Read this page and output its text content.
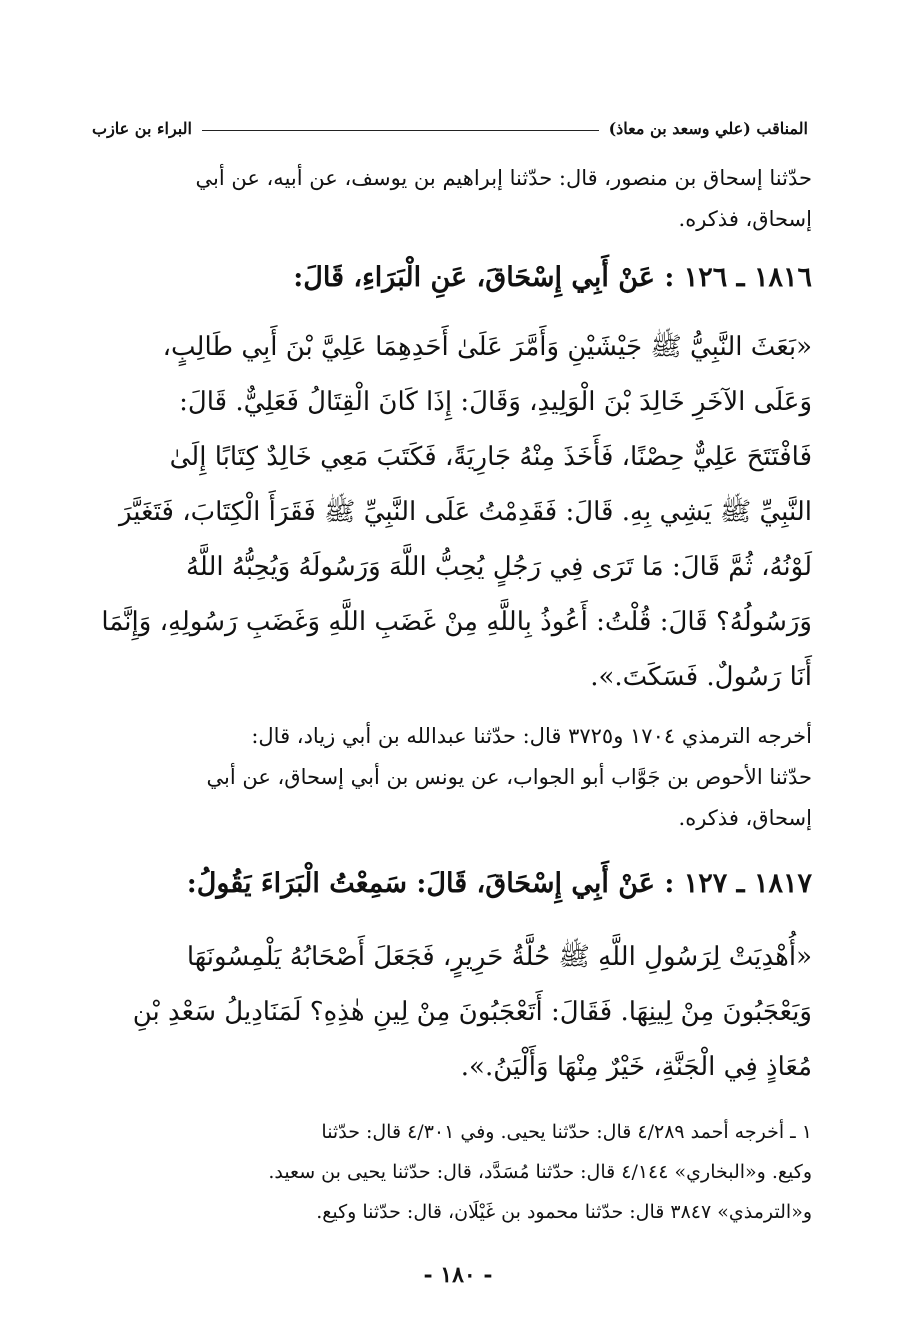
المناقب (علي وسعد بن معاذ)
البراء بن عازب
حدّثنا إسحاق بن منصور، قال: حدّثنا إبراهيم بن يوسف، عن أبيه، عن أبي
إسحاق، فذكره.
١٨١٦ ـ ١٢٦ : عَنْ أَبِي إِسْحَاقَ، عَنِ الْبَرَاءِ، قَالَ:
«بَعَثَ النَّبِيُّ ﷺ جَيْشَيْنِ وَأَمَّرَ عَلَىٰ أَحَدِهِمَا عَلِيَّ بْنَ أَبِي طَالِبٍ،
وَعَلَى الآخَرِ خَالِدَ بْنَ الْوَلِيدِ، وَقَالَ: إِذَا كَانَ الْقِتَالُ فَعَلِيٌّ. قَالَ:
فَافْتَتَحَ عَلِيٌّ حِصْنًا، فَأَخَذَ مِنْهُ جَارِيَةً، فَكَتَبَ مَعِي خَالِدٌ كِتَابًا إِلَىٰ
النَّبِيِّ ﷺ يَشِي بِهِ. قَالَ: فَقَدِمْتُ عَلَى النَّبِيِّ ﷺ فَقَرَأَ الْكِتَابَ، فَتَغَيَّرَ
لَوْنُهُ، ثُمَّ قَالَ: مَا تَرَى فِي رَجُلٍ يُحِبُّ اللَّهَ وَرَسُولَهُ وَيُحِبُّهُ اللَّهُ
وَرَسُولُهُ؟ قَالَ: قُلْتُ: أَعُوذُ بِاللَّهِ مِنْ غَضَبِ اللَّهِ وَغَضَبِ رَسُولِهِ، وَإِنَّمَا
أَنَا رَسُولٌ. فَسَكَتَ.».
أخرجه الترمذي ١٧٠٤ و٣٧٢٥ قال: حدّثنا عبدالله بن أبي زياد، قال:
حدّثنا الأحوص بن جَوَّاب أبو الجواب، عن يونس بن أبي إسحاق، عن أبي
إسحاق، فذكره.
١٨١٧ ـ ١٢٧ : عَنْ أَبِي إِسْحَاقَ، قَالَ: سَمِعْتُ الْبَرَاءَ يَقُولُ:
«أُهْدِيَتْ لِرَسُولِ اللَّهِ ﷺ حُلَّةُ حَرِيرٍ، فَجَعَلَ أَصْحَابُهُ يَلْمِسُونَهَا
وَيَعْجَبُونَ مِنْ لِينِهَا. فَقَالَ: أَتَعْجَبُونَ مِنْ لِينِ هٰذِهِ؟ لَمَنَادِيلُ سَعْدِ بْنِ
مُعَاذٍ فِي الْجَنَّةِ، خَيْرٌ مِنْهَا وَأَلْيَنُ.».
١ ـ أخرجه أحمد ٤/٢٨٩ قال: حدّثنا يحيى. وفي ٤/٣٠١ قال: حدّثنا
وكيع. و«البخاري» ٤/١٤٤ قال: حدّثنا مُسَدَّد، قال: حدّثنا يحيى بن سعيد.
و«الترمذي» ٣٨٤٧ قال: حدّثنا محمود بن غَيْلَان، قال: حدّثنا وكيع.
- ١٨٠ -
